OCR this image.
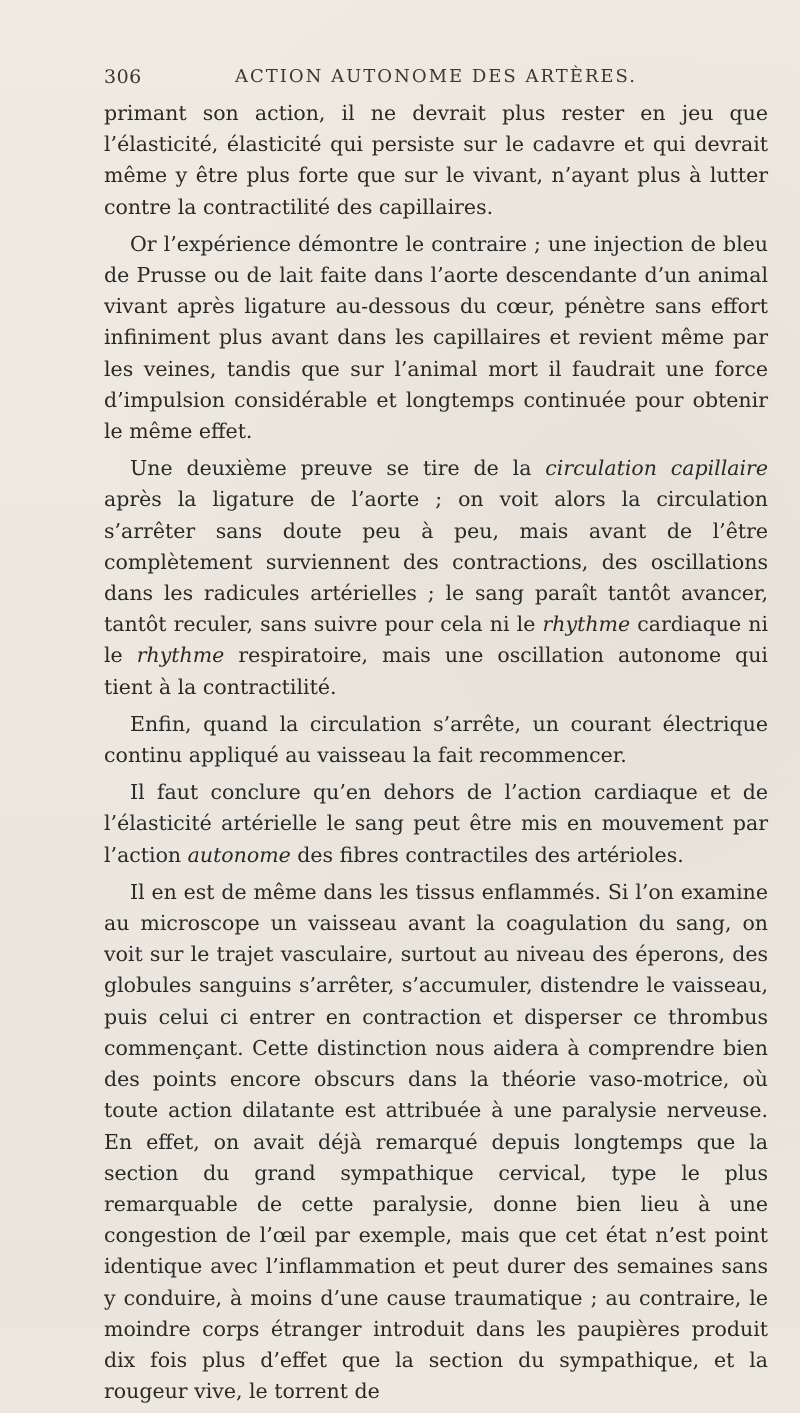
306	ACTION AUTONOME DES ARTÈRES.

primant son action, il ne devrait plus rester en jeu que l’élasticité, élasticité qui persiste sur le cadavre et qui devrait même y être plus forte que sur le vivant, n’ayant plus à lutter contre la contractilité des capillaires.

Or l’expérience démontre le contraire ; une injection de bleu de Prusse ou de lait faite dans l’aorte descendante d’un animal vivant après ligature au-dessous du cœur, pénètre sans effort infiniment plus avant dans les capillaires et revient même par les veines, tandis que sur l’animal mort il faudrait une force d’impulsion considérable et longtemps continuée pour obtenir le même effet.

Une deuxième preuve se tire de la circulation capillaire après la ligature de l’aorte ; on voit alors la circulation s’arrêter sans doute peu à peu, mais avant de l’être complètement surviennent des contractions, des oscillations dans les radicules artérielles ; le sang paraît tantôt avancer, tantôt reculer, sans suivre pour cela ni le rhythme cardiaque ni le rhythme respiratoire, mais une oscillation autonome qui tient à la contractilité.

Enfin, quand la circulation s’arrête, un courant électrique continu appliqué au vaisseau la fait recommencer.

Il faut conclure qu’en dehors de l’action cardiaque et de l’élasticité artérielle le sang peut être mis en mouvement par l’action autonome des fibres contractiles des artérioles.

Il en est de même dans les tissus enflammés. Si l’on examine au microscope un vaisseau avant la coagulation du sang, on voit sur le trajet vasculaire, surtout au niveau des éperons, des globules sanguins s’arrêter, s’accumuler, distendre le vaisseau, puis celui ci entrer en contraction et disperser ce thrombus commençant. Cette distinction nous aidera à comprendre bien des points encore obscurs dans la théorie vaso-motrice, où toute action dilatante est attribuée à une paralysie nerveuse. En effet, on avait déjà remarqué depuis longtemps que la section du grand sympathique cervical, type le plus remarquable de cette paralysie, donne bien lieu à une congestion de l’œil par exemple, mais que cet état n’est point identique avec l’inflammation et peut durer des semaines sans y conduire, à moins d’une cause traumatique ; au contraire, le moindre corps étranger introduit dans les paupières produit dix fois plus d’effet que la section du sympathique, et la rougeur vive, le torrent de
